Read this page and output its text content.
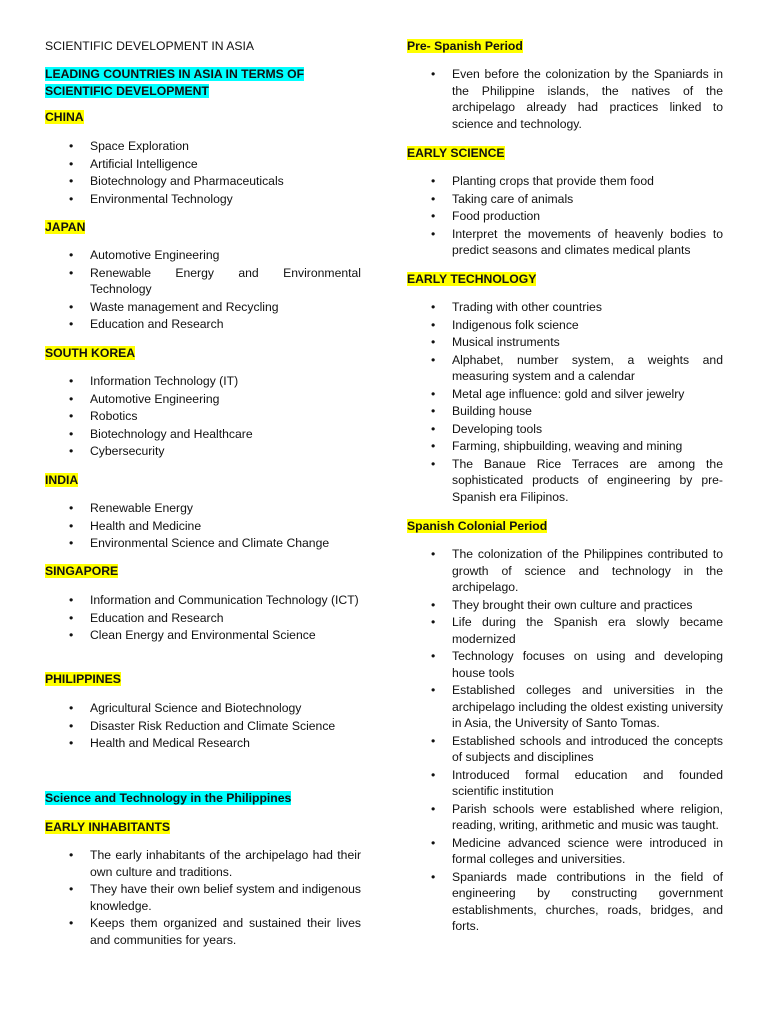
SCIENTIFIC DEVELOPMENT IN ASIA
LEADING COUNTRIES IN ASIA IN TERMS OF SCIENTIFIC DEVELOPMENT
CHINA
• Space Exploration
• Artificial Intelligence
• Biotechnology and Pharmaceuticals
• Environmental Technology
JAPAN
• Automotive Engineering
• Renewable Energy and Environmental Technology
• Waste management and Recycling
• Education and Research
SOUTH KOREA
• Information Technology (IT)
• Automotive Engineering
• Robotics
• Biotechnology and Healthcare
• Cybersecurity
INDIA
• Renewable Energy
• Health and Medicine
• Environmental Science and Climate Change
SINGAPORE
• Information and Communication Technology (ICT)
• Education and Research
• Clean Energy and Environmental Science
PHILIPPINES
• Agricultural Science and Biotechnology
• Disaster Risk Reduction and Climate Science
• Health and Medical Research
Science and Technology in the Philippines
EARLY INHABITANTS
• The early inhabitants of the archipelago had their own culture and traditions.
• They have their own belief system and indigenous knowledge.
• Keeps them organized and sustained their lives and communities for years.
Pre- Spanish Period
• Even before the colonization by the Spaniards in the Philippine islands, the natives of the archipelago already had practices linked to science and technology.
EARLY SCIENCE
• Planting crops that provide them food
• Taking care of animals
• Food production
• Interpret the movements of heavenly bodies to predict seasons and climates medical plants
EARLY TECHNOLOGY
• Trading with other countries
• Indigenous folk science
• Musical instruments
• Alphabet, number system, a weights and measuring system and a calendar
• Metal age influence: gold and silver jewelry
• Building house
• Developing tools
• Farming, shipbuilding, weaving and mining
• The Banaue Rice Terraces are among the sophisticated products of engineering by pre-Spanish era Filipinos.
Spanish Colonial Period
• The colonization of the Philippines contributed to growth of science and technology in the archipelago.
• They brought their own culture and practices
• Life during the Spanish era slowly became modernized
• Technology focuses on using and developing house tools
• Established colleges and universities in the archipelago including the oldest existing university in Asia, the University of Santo Tomas.
• Established schools and introduced the concepts of subjects and disciplines
• Introduced formal education and founded scientific institution
• Parish schools were established where religion, reading, writing, arithmetic and music was taught.
• Medicine advanced science were introduced in formal colleges and universities.
• Spaniards made contributions in the field of engineering by constructing government establishments, churches, roads, bridges, and forts.
